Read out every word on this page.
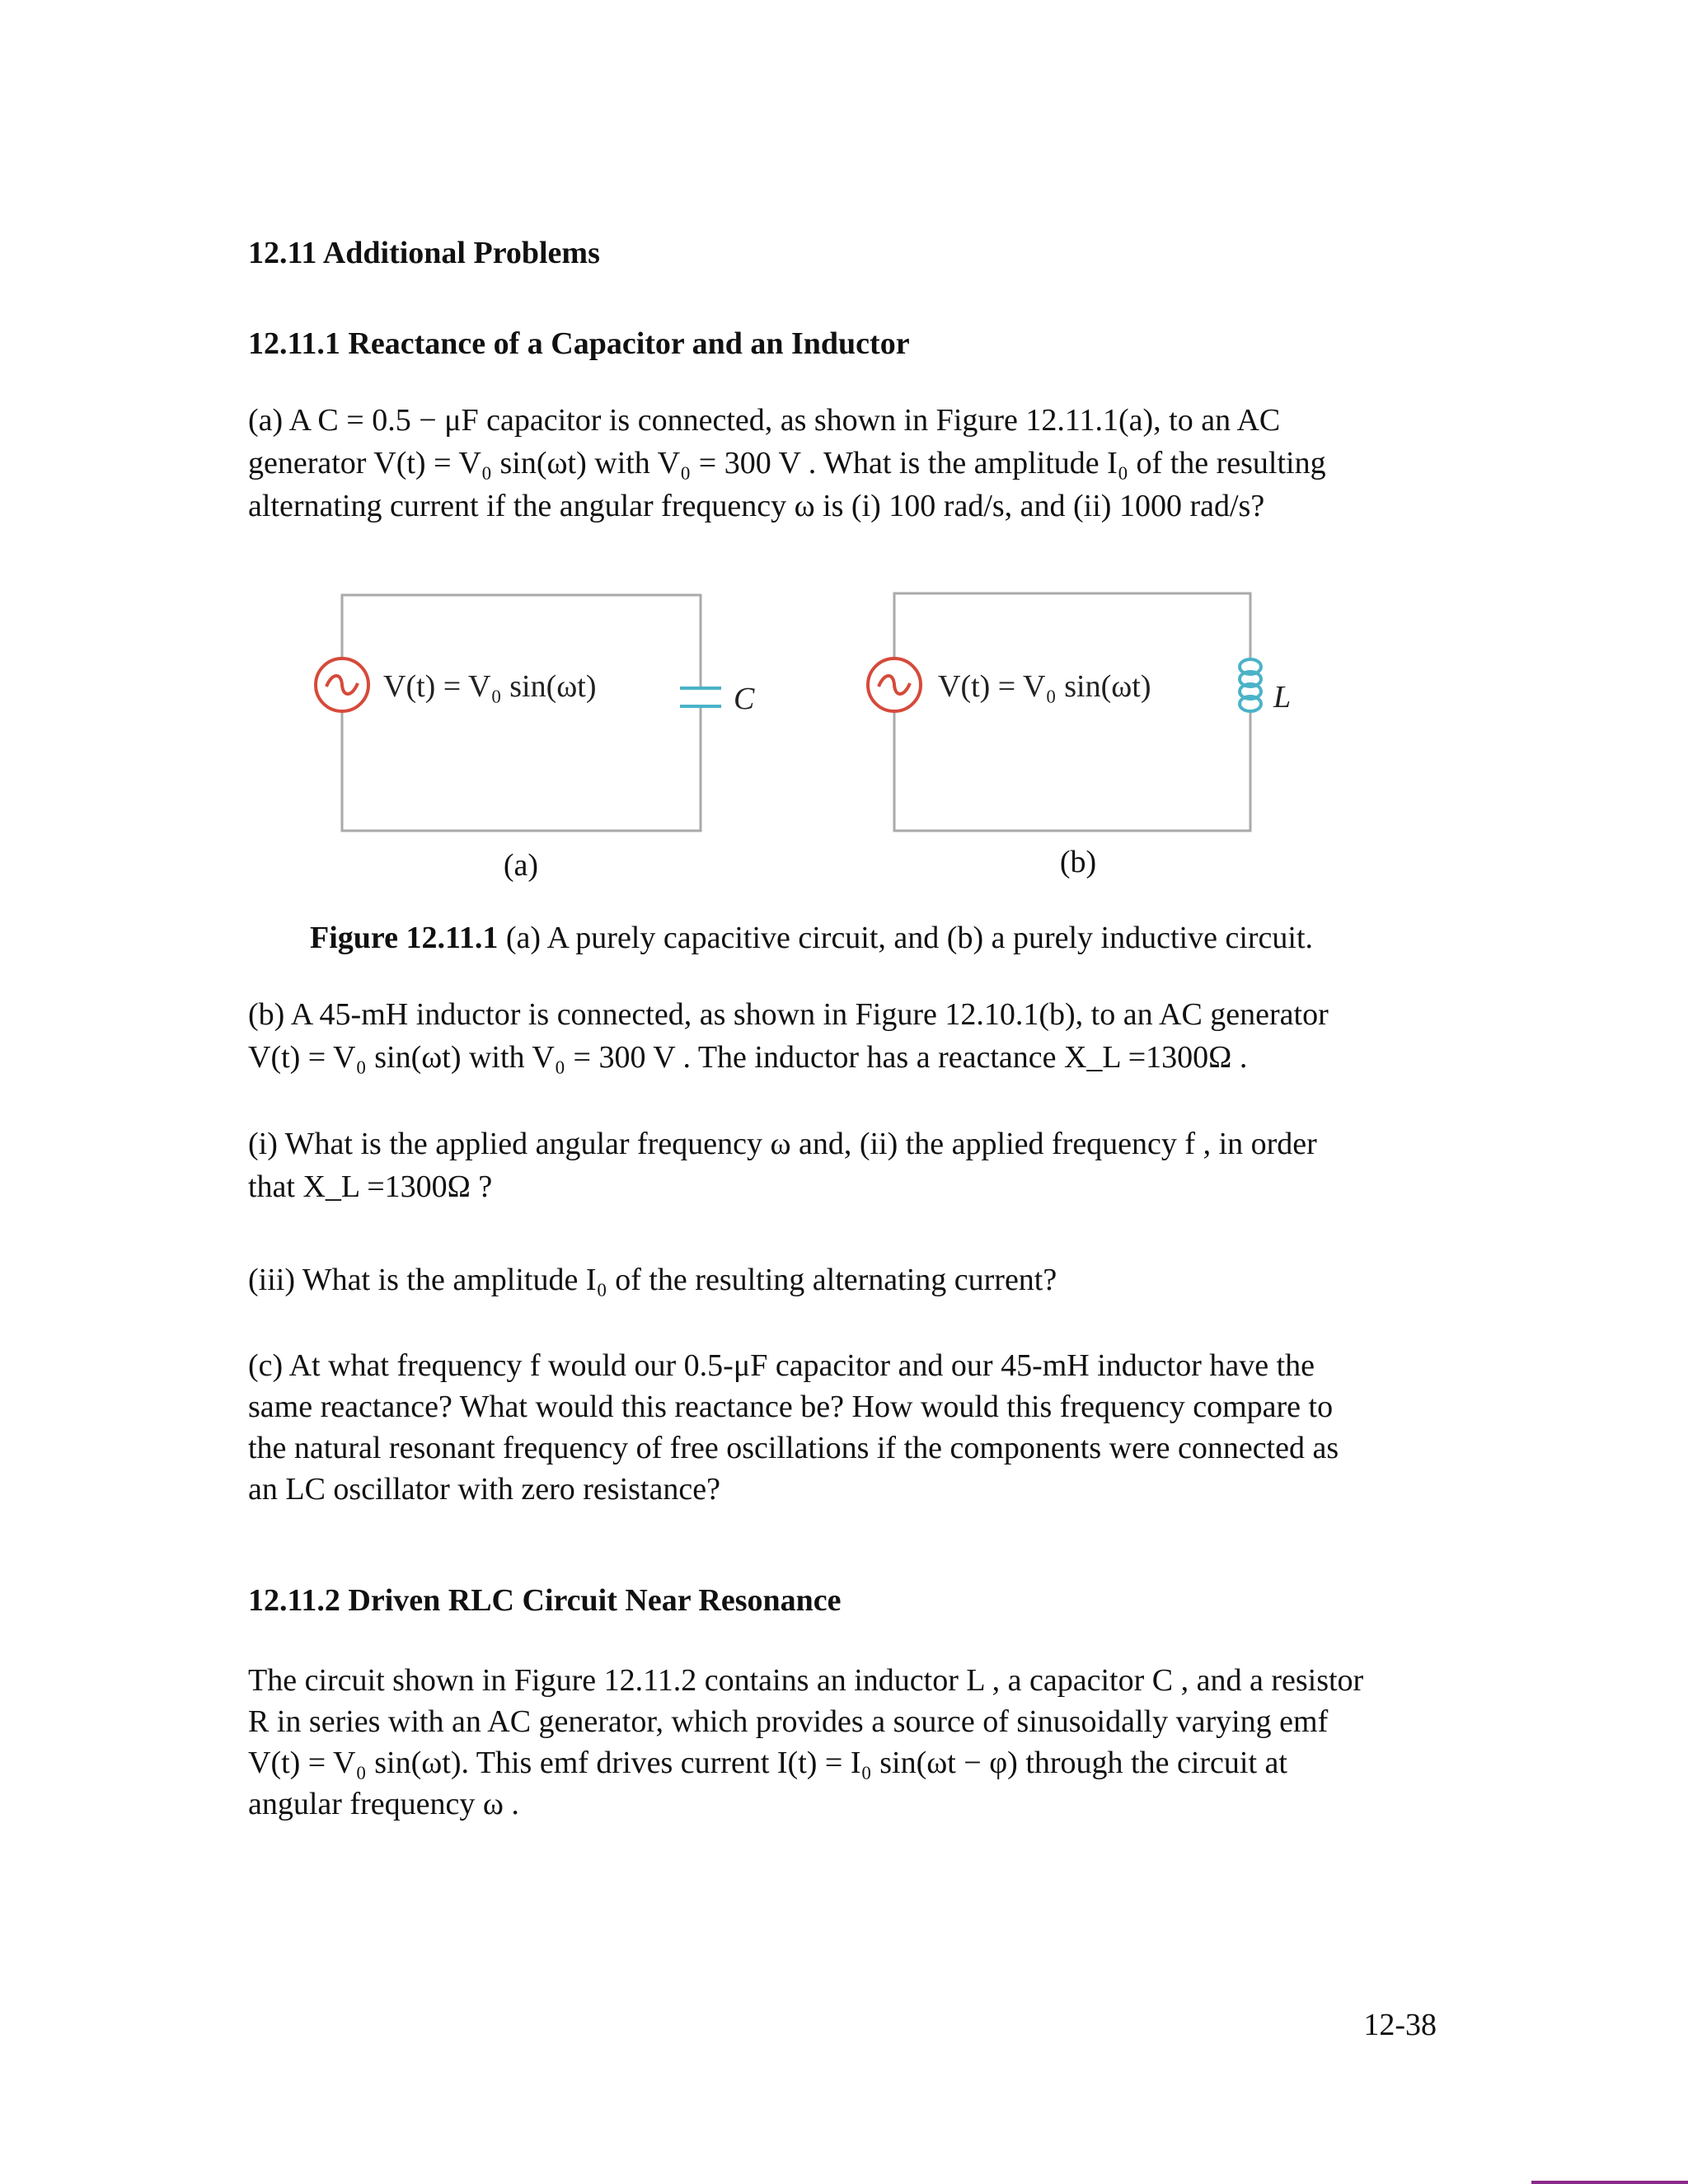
12.11 Additional Problems
12.11.1 Reactance of a Capacitor and an Inductor

(a) A C = 0.5 − μF capacitor is connected, as shown in Figure 12.11.1(a), to an AC

generator V(t) = V₀ sin(ωt) with V₀ = 300 V . What is the amplitude I₀ of the resulting

alternating current if the angular frequency ω is (i) 100 rad/s, and (ii) 1000 rad/s?

V(t) = V₀ sin(ωt)	C
(a)
V(t) = V₀ sin(ωt)	L
(b)

Figure 12.11.1 (a) A purely capacitive circuit, and (b) a purely inductive circuit.

(b) A 45-mH inductor is connected, as shown in Figure 12.10.1(b), to an AC generator

V(t) = V₀ sin(ωt) with V₀ = 300 V . The inductor has a reactance X_L =1300Ω .

(i) What is the applied angular frequency ω and, (ii) the applied frequency f , in order

that X_L =1300Ω ?

(iii) What is the amplitude I₀ of the resulting alternating current?

(c) At what frequency f would our 0.5-μF capacitor and our 45-mH inductor have the

same reactance? What would this reactance be? How would this frequency compare to

the natural resonant frequency of free oscillations if the components were connected as

an LC oscillator with zero resistance?

12.11.2 Driven RLC Circuit Near Resonance

The circuit shown in Figure 12.11.2 contains an inductor L , a capacitor C , and a resistor

R in series with an AC generator, which provides a source of sinusoidally varying emf

V(t) = V₀ sin(ωt). This emf drives current I(t) = I₀ sin(ωt − φ) through the circuit at

angular frequency ω .

12-38
